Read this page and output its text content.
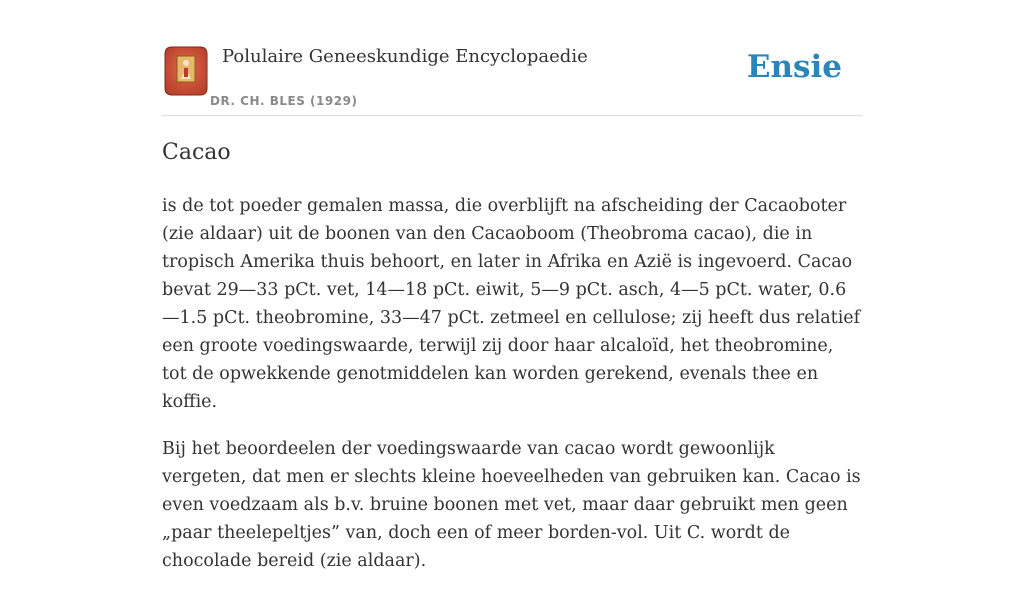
Polulaire Geneeskundige Encyclopaedie
DR. CH. BLES (1929)
Ensie
Cacao

is de tot poeder gemalen massa, die overblijft na afscheiding der Cacaoboter (zie aldaar) uit de boonen van den Cacaoboom (Theobroma cacao), die in tropisch Amerika thuis behoort, en later in Afrika en Azië is ingevoerd. Cacao bevat 29—33 pCt. vet, 14—18 pCt. eiwit, 5—9 pCt. asch, 4—5 pCt. water, 0.6—1.5 pCt. theobromine, 33—47 pCt. zetmeel en cellulose; zij heeft dus relatief een groote voedingswaarde, terwijl zij door haar alcaloïd, het theobromine, tot de opwekkende genotmiddelen kan worden gerekend, evenals thee en koffie.

Bij het beoordeelen der voedingswaarde van cacao wordt gewoonlijk vergeten, dat men er slechts kleine hoeveelheden van gebruiken kan. Cacao is even voedzaam als b.v. bruine boonen met vet, maar daar gebruikt men geen „paar theelepeltjes” van, doch een of meer borden-vol. Uit C. wordt de chocolade bereid (zie aldaar).
